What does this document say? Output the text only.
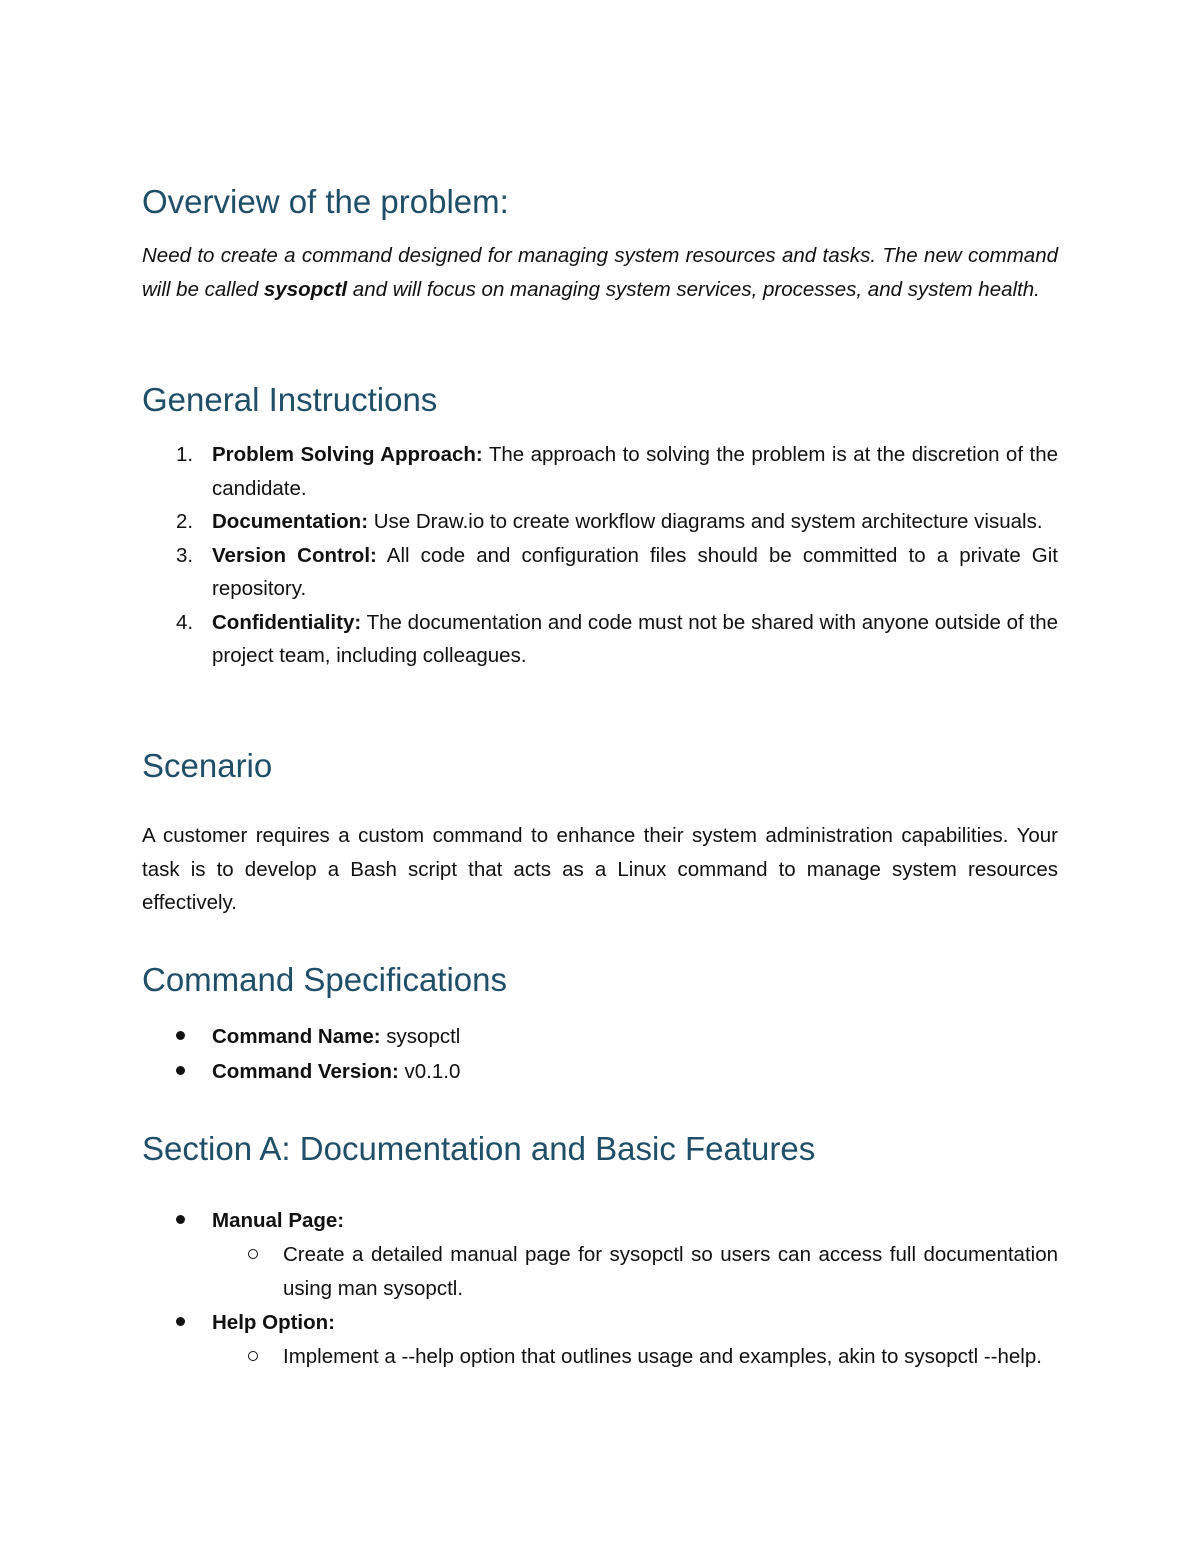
Overview of the problem:

Need to create a command designed for managing system resources and tasks. The new command will be called sysopctl and will focus on managing system services, processes, and system health.

General Instructions
1. Problem Solving Approach: The approach to solving the problem is at the discretion of the candidate.
2. Documentation: Use Draw.io to create workflow diagrams and system architecture visuals.
3. Version Control: All code and configuration files should be committed to a private Git repository.
4. Confidentiality: The documentation and code must not be shared with anyone outside of the project team, including colleagues.
Scenario

A customer requires a custom command to enhance their system administration capabilities. Your task is to develop a Bash script that acts as a Linux command to manage system resources effectively.

Command Specifications
Command Name: sysopctl
Command Version: v0.1.0
Section A: Documentation and Basic Features
Manual Page:
Create a detailed manual page for sysopctl so users can access full documentation using man sysopctl.
Help Option:
Implement a --help option that outlines usage and examples, akin to sysopctl --help.
